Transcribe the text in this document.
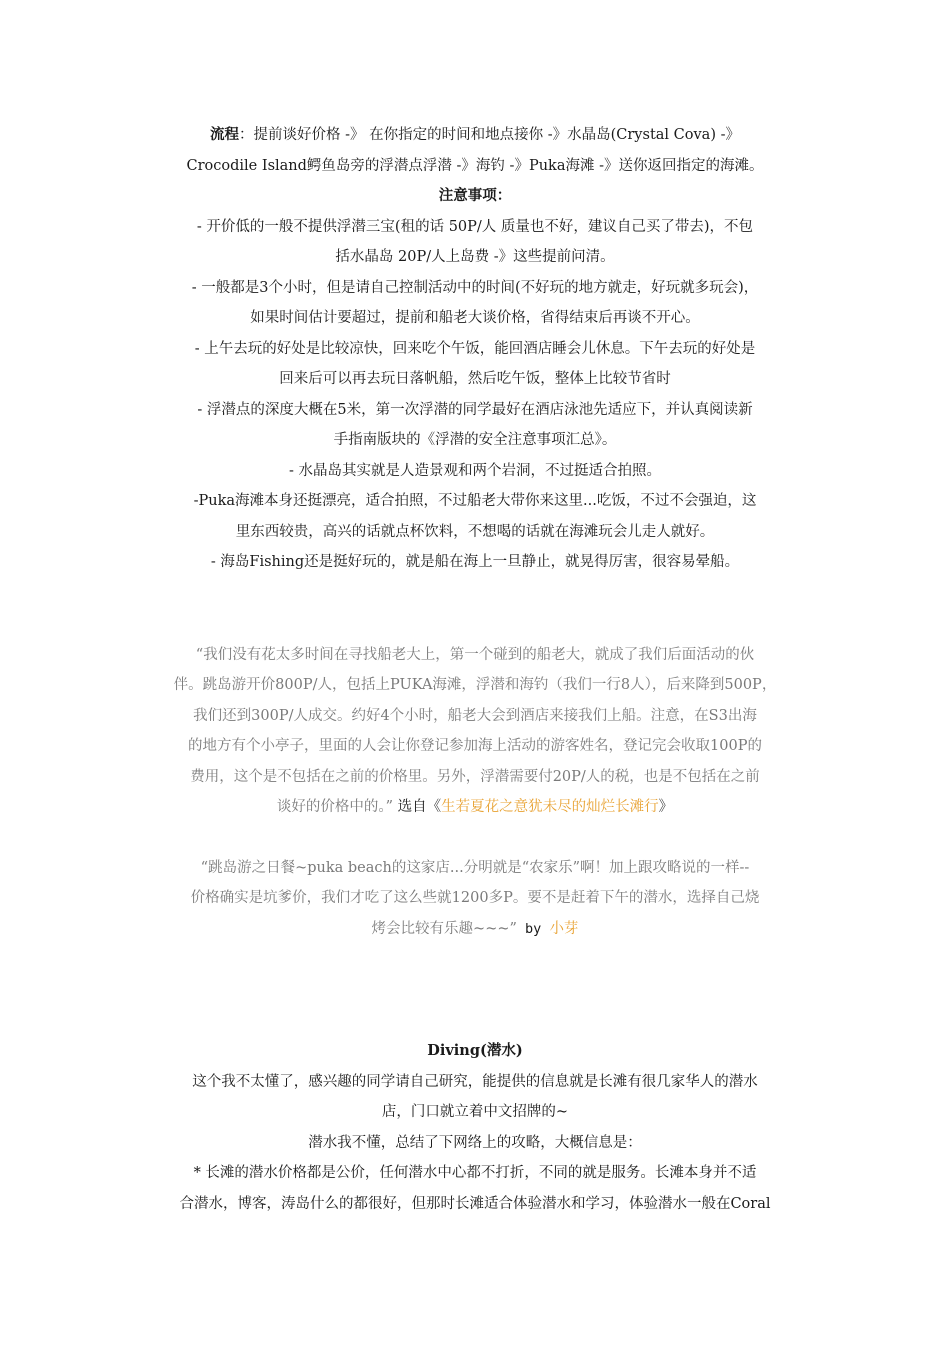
流程：提前谈好价格 -》 在你指定的时间和地点接你 -》水晶岛(Crystal Cova) -》
Crocodile Island鳄鱼岛旁的浮潜点浮潜 -》海钓 -》Puka海滩 -》送你返回指定的海滩。
注意事项：
- 开价低的一般不提供浮潜三宝(租的话 50P/人 质量也不好，建议自己买了带去)，不包
括水晶岛 20P/人上岛费 -》这些提前问清。
- 一般都是3个小时，但是请自己控制活动中的时间(不好玩的地方就走，好玩就多玩会)，
如果时间估计要超过，提前和船老大谈价格，省得结束后再谈不开心。
- 上午去玩的好处是比较凉快，回来吃个午饭，能回酒店睡会儿休息。下午去玩的好处是
回来后可以再去玩日落帆船，然后吃午饭，整体上比较节省时
- 浮潜点的深度大概在5米，第一次浮潜的同学最好在酒店泳池先适应下，并认真阅读新
手指南版块的《浮潜的安全注意事项汇总》。
- 水晶岛其实就是人造景观和两个岩洞，不过挺适合拍照。
-Puka海滩本身还挺漂亮，适合拍照，不过船老大带你来这里...吃饭，不过不会强迫，这
里东西较贵，高兴的话就点杯饮料，不想喝的话就在海滩玩会儿走人就好。
- 海岛Fishing还是挺好玩的，就是船在海上一旦静止，就晃得厉害，很容易晕船。
“我们没有花太多时间在寻找船老大上，第一个碰到的船老大，就成了我们后面活动的伙
伴。跳岛游开价800P/人，包括上PUKA海滩，浮潜和海钓（我们一行8人），后来降到500P，
我们还到300P/人成交。约好4个小时，船老大会到酒店来接我们上船。注意，在S3出海
的地方有个小亭子，里面的人会让你登记参加海上活动的游客姓名，登记完会收取100P的
费用，这个是不包括在之前的价格里。另外，浮潜需要付20P/人的税，也是不包括在之前
谈好的价格中的。” 选自《生若夏花之意犹未尽的灿烂长滩行》
“跳岛游之日餐~puka beach的这家店...分明就是“农家乐”啊！加上跟攻略说的一样--
价格确实是坑爹价，我们才吃了这么些就1200多P。要不是赶着下午的潜水，选择自己烧
烤会比较有乐趣~~~” by 小芽
Diving(潜水)
这个我不太懂了，感兴趣的同学请自己研究，能提供的信息就是长滩有很几家华人的潜水
店，门口就立着中文招牌的~
潜水我不懂，总结了下网络上的攻略，大概信息是：
* 长滩的潜水价格都是公价，任何潜水中心都不打折，不同的就是服务。长滩本身并不适
合潜水，博客，涛岛什么的都很好，但那时长滩适合体验潜水和学习，体验潜水一般在Coral
